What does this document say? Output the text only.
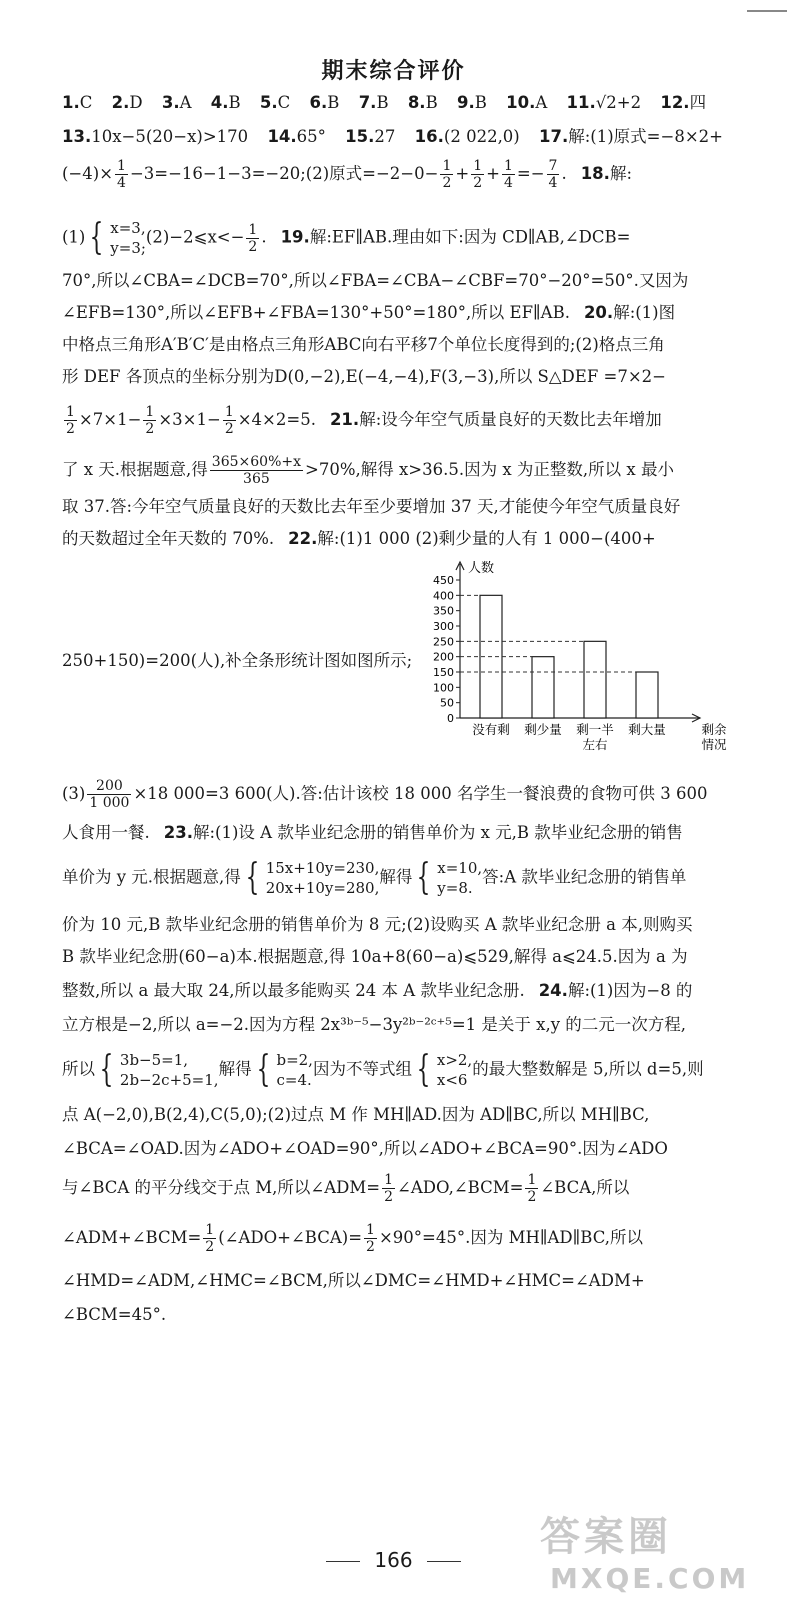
期末综合评价
1.C 2.D 3.A 4.B 5.C 6.B 7.B 8.B 9.B 10.A 11.√2+2 12.四
13.10x−5(20−x)>170 14.65° 15.27 16.(2 022,0) 17.解:(1)原式=−8×2+
$(-4)\times \frac{1}{4}$ −3=−16−1−3=−20;(2)原式$=-2-0- \frac{1}{2} + \frac{1}{2} + \frac{1}{4} =- \frac{7}{4}$ . 18.解:
(1) { x=3,
y=3;
(2)−2⩽x<− $\frac{1}{2}$ . 19.解:EF∥AB.理由如下:因为 CD∥AB,∠DCB=
70°,所以∠CBA=∠DCB=70°,所以∠FBA=∠CBA−∠CBF=70°−20°=50°.又因为
∠EFB=130°,所以∠EFB+∠FBA=130°+50°=180°,所以 EF∥AB. 20.解:(1)图
中格点三角形A′B′C′是由格点三角形ABC向右平移7个单位长度得到的;(2)格点三角
形 DEF 各顶点的坐标分别为D(0,−2),E(−4,−4),F(3,−3),所以 S△DEF =7×2−
$\frac{1}{2} \times 7\times 1- \frac{1}{2} \times 3\times 1- \frac{1}{2} \times 4\times 2=5$. 21.解:设今年空气质量良好的天数比去年增加
了 x 天.根据题意,得 $\frac{365\times 60\%+x}{365} >70\%$,解得 x>36.5.因为 x 为正整数,所以 x 最小
取 37.答:今年空气质量良好的天数比去年至少要增加 37 天,才能使今年空气质量良好
的天数超过全年天数的 70%. 22.解:(1)1 000 (2)剩少量的人有 1 000−(400+
250+150)=200(人),补全条形统计图如图所示;
人数
0
50
100
150
200
250
300
350
400
450
没有剩 剩少量 剩一半
左右
剩大量	剩余
情况
$(3) \frac{200}{1 000} \times 18$ 000=3 600(人).答:估计该校 18 000 名学生一餐浪费的食物可供 3 600
人食用一餐. 23.解:(1)设 A 款毕业纪念册的销售单价为 x 元,B 款毕业纪念册的销售
单价为 y 元.根据题意,得 { 15x+10y=230,
20x+10y=280,
解得 { x=10,
y=8.
答:A 款毕业纪念册的销售单
价为 10 元,B 款毕业纪念册的销售单价为 8 元;(2)设购买 A 款毕业纪念册 a 本,则购买
B 款毕业纪念册(60−a)本.根据题意,得 10a+8(60−a)⩽529,解得 a⩽24.5.因为 a 为
整数,所以 a 最大取 24,所以最多能购买 24 本 A 款毕业纪念册. 24.解:(1)因为−8 的
立方根是−2,所以 a=−2.因为方程 2x³ᵇ⁻⁵−3y²ᵇ⁻²ᶜ⁺⁵=1 是关于 x,y 的二元一次方程,
所以 { 3b−5=1,
2b−2c+5=1,
解得 { b=2,
c=4.
因为不等式组 { x>2,
x<6
的最大整数解是 5,所以 d=5,则
点 A(−2,0),B(2,4),C(5,0);(2)过点 M 作 MH∥AD.因为 AD∥BC,所以 MH∥BC,
∠BCA=∠OAD.因为∠ADO+∠OAD=90°,所以∠ADO+∠BCA=90°.因为∠ADO
与∠BCA 的平分线交于点 M,所以∠ADM= $\frac{1}{2}$ ∠ADO,∠BCM= $\frac{1}{2}$ ∠BCA,所以
∠ADM+∠BCM= $\frac{1}{2}$ (∠ADO+∠BCA)= $\frac{1}{2} \times 90^\circ=45^\circ$.因为 MH∥AD∥BC,所以
∠HMD=∠ADM,∠HMC=∠BCM,所以∠DMC=∠HMD+∠HMC=∠ADM+
∠BCM=45°.
166	答案圈
MXQE.COM
